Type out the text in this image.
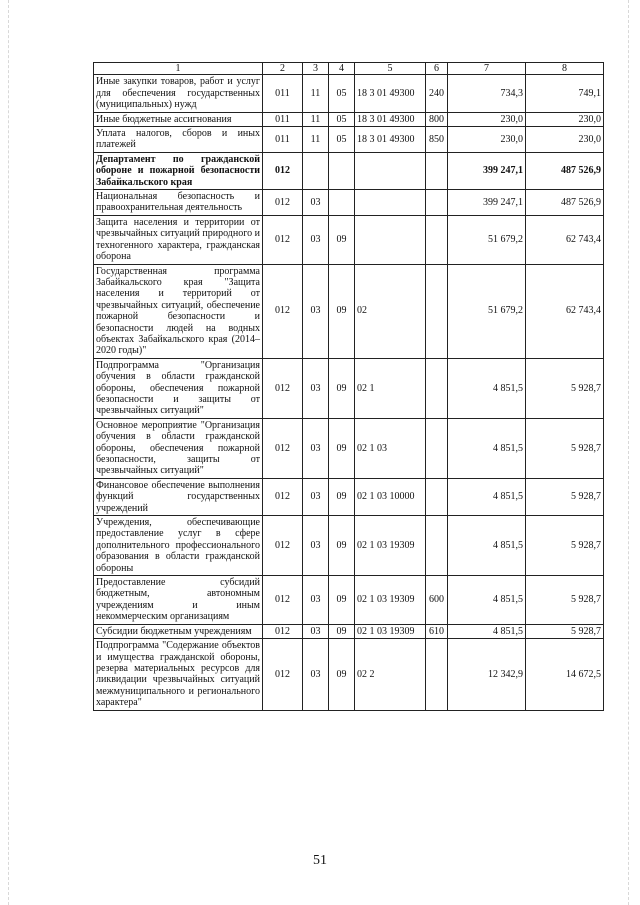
1	2	3	4	5	6	7	8
Иные закупки товаров, работ и услуг для обеспечения государственных (муниципальных) нужд	011	11	05	18 3 01 49300	240	734,3	749,1
Иные бюджетные ассигнования	011	11	05	18 3 01 49300	800	230,0	230,0
Уплата налогов, сборов и иных платежей	011	11	05	18 3 01 49300	850	230,0	230,0
Департамент по гражданской обороне и пожарной безопасности Забайкальского края	012					399 247,1	487 526,9
Национальная безопасность и правоохранительная деятельность	012	03				399 247,1	487 526,9
Защита населения и территории от чрезвычайных ситуаций природного и техногенного характера, гражданская оборона	012	03	09			51 679,2	62 743,4
Государственная программа Забайкальского края "Защита населения и территорий от чрезвычайных ситуаций, обеспечение пожарной безопасности и безопасности людей на водных объектах Забайкальского края (2014–2020 годы)"	012	03	09	02		51 679,2	62 743,4
Подпрограмма "Организация обучения в области гражданской обороны, обеспечения пожарной безопасности и защиты от чрезвычайных ситуаций"	012	03	09	02 1		4 851,5	5 928,7
Основное мероприятие "Организация обучения в области гражданской обороны, обеспечения пожарной безопасности, защиты от чрезвычайных ситуаций"	012	03	09	02 1 03		4 851,5	5 928,7
Финансовое обеспечение выполнения функций государственных учреждений	012	03	09	02 1 03 10000		4 851,5	5 928,7
Учреждения, обеспечивающие предоставление услуг в сфере дополнительного профессионального образования в области гражданской обороны	012	03	09	02 1 03 19309		4 851,5	5 928,7
Предоставление субсидий бюджетным, автономным учреждениям и иным некоммерческим организациям	012	03	09	02 1 03 19309	600	4 851,5	5 928,7
Субсидии бюджетным учреждениям	012	03	09	02 1 03 19309	610	4 851,5	5 928,7
Подпрограмма "Содержание объектов и имущества гражданской обороны, резерва материальных ресурсов для ликвидации чрезвычайных ситуаций межмуниципального и регионального характера"	012	03	09	02 2		12 342,9	14 672,5
51
